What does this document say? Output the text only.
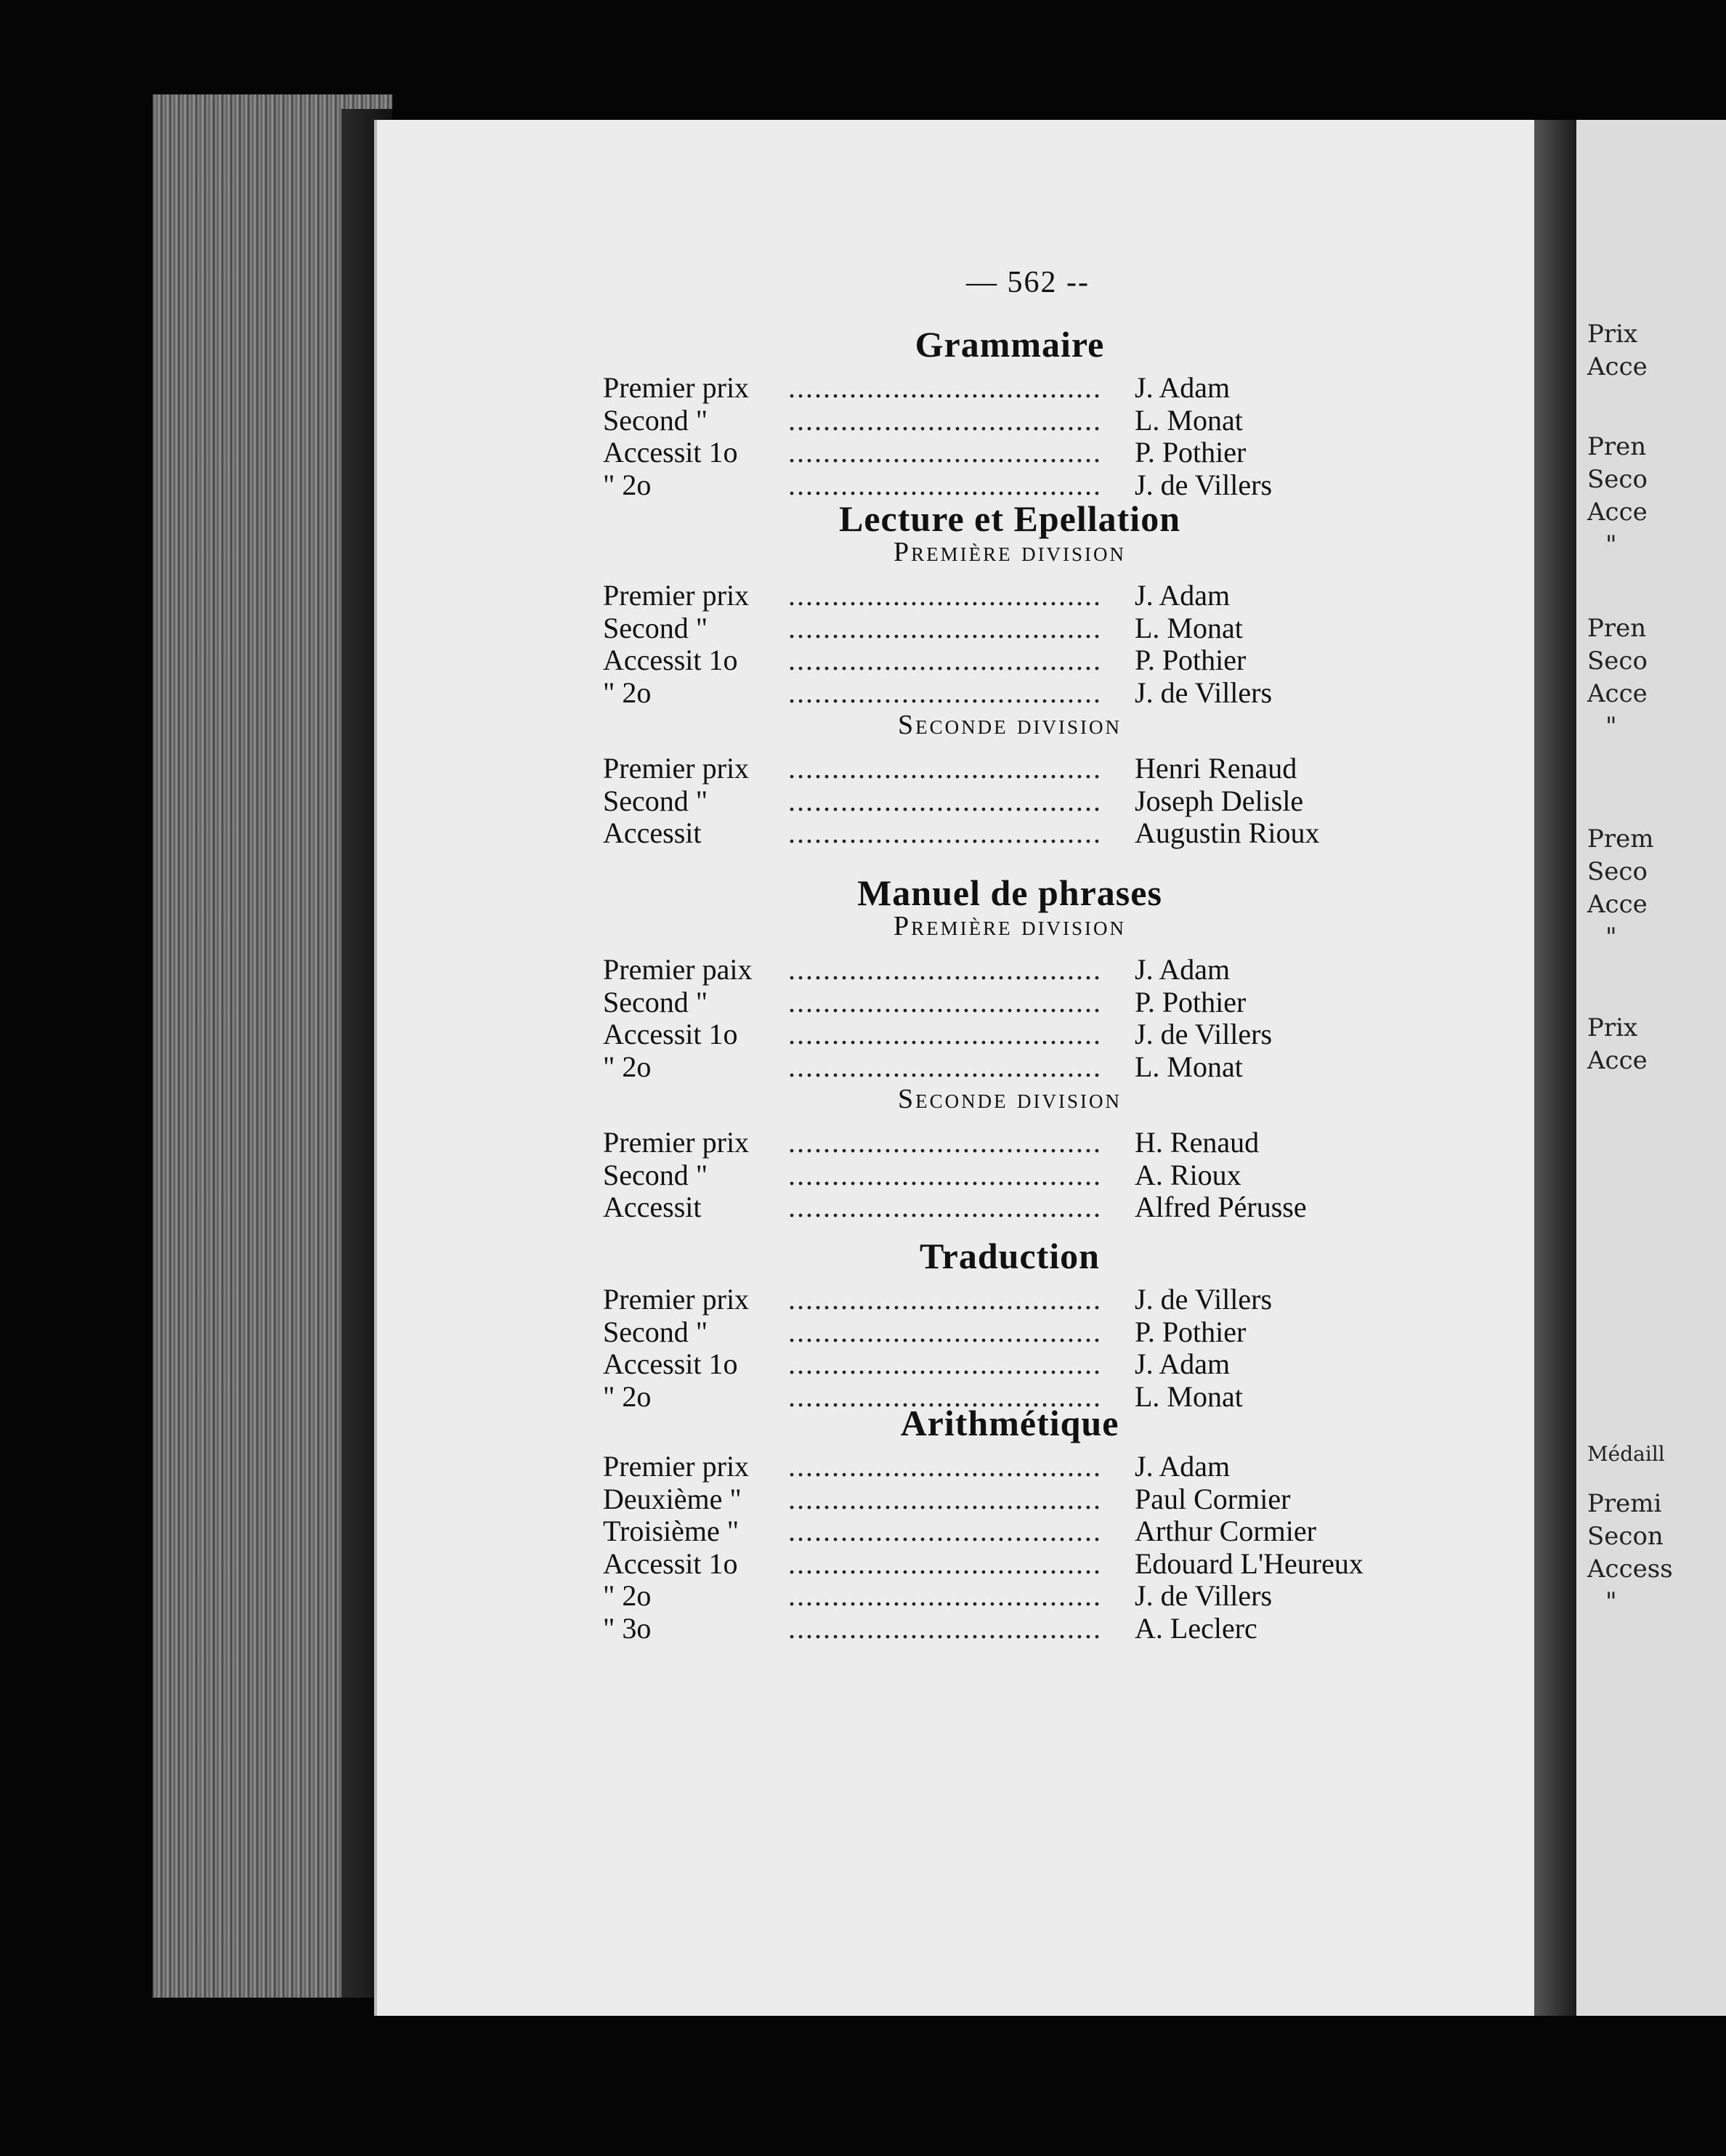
Prix
Acce
Pren
Seco
Acce
"
Pren
Seco
Acce
"
Prem
Seco
Acce
"
Prix
Acce
Médaill
Premi
Secon
Access
"
— 562 --
Grammaire
Premier prix .................................... J. Adam
Second "	.................................... L. Monat
Accessit 1o .................................... P. Pothier
" 2o	.................................... J. de Villers
Lecture et Epellation
Première division
Premier prix .................................... J. Adam
Second "	.................................... L. Monat
Accessit 1o .................................... P. Pothier
" 2o	.................................... J. de Villers
Seconde division
Premier prix .................................... Henri Renaud
Second "	.................................... Joseph Delisle
Accessit	.................................... Augustin Rioux
Manuel de phrases
Première division
Premier paix .................................... J. Adam
Second "	.................................... P. Pothier
Accessit 1o .................................... J. de Villers
" 2o	.................................... L. Monat
Seconde division
Premier prix .................................... H. Renaud
Second "	.................................... A. Rioux
Accessit	.................................... Alfred Pérusse
Traduction
Premier prix .................................... J. de Villers
Second "	.................................... P. Pothier
Accessit 1o .................................... J. Adam
" 2o	.................................... L. Monat
Arithmétique
Premier prix .................................... J. Adam
Deuxième " .................................... Paul Cormier
Troisième " .................................... Arthur Cormier
Accessit 1o .................................... Edouard L'Heureux
" 2o	.................................... J. de Villers
" 3o	.................................... A. Leclerc
